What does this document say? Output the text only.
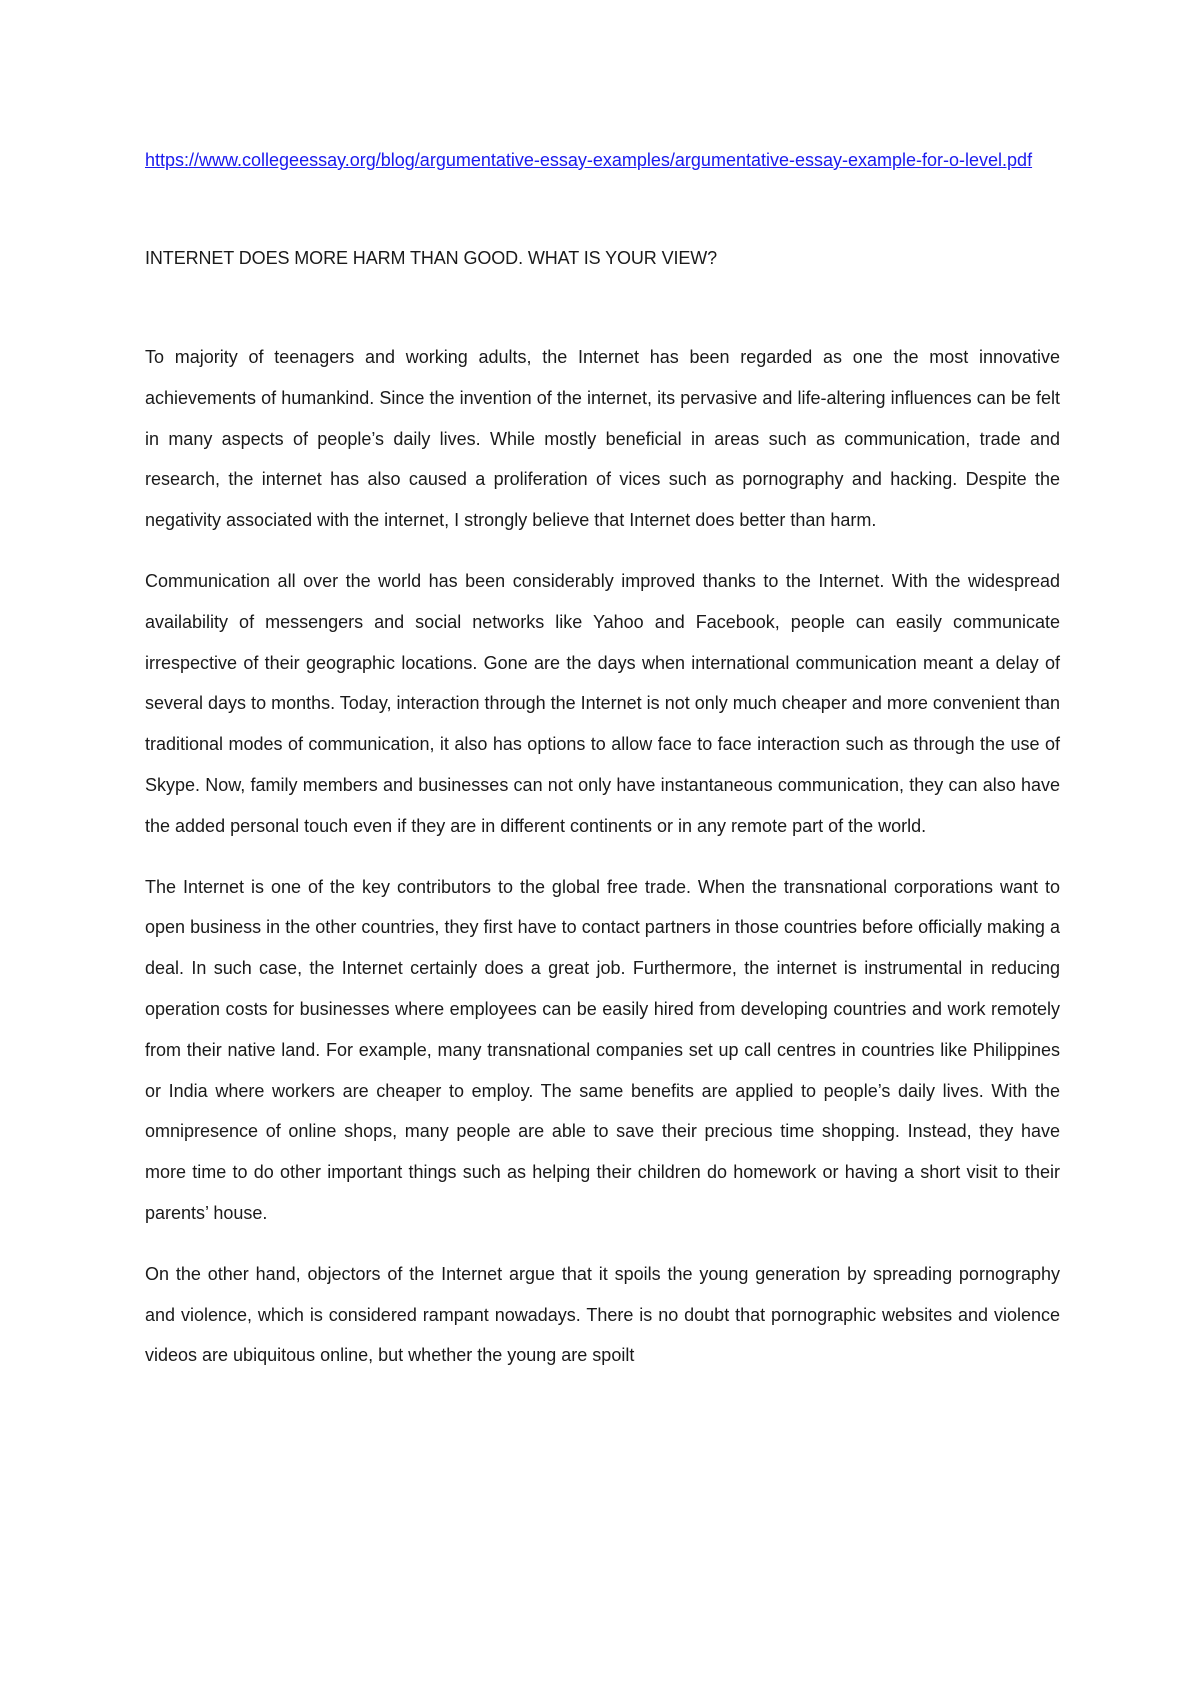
https://www.collegeessay.org/blog/argumentative-essay-examples/argumentative-essay-example-for-o-level.pdf
INTERNET DOES MORE HARM THAN GOOD. WHAT IS YOUR VIEW?

To majority of teenagers and working adults, the Internet has been regarded as one the most innovative achievements of humankind. Since the invention of the internet, its pervasive and life-altering influences can be felt in many aspects of people’s daily lives. While mostly beneficial in areas such as communication, trade and research, the internet has also caused a proliferation of vices such as pornography and hacking. Despite the negativity associated with the internet, I strongly believe that Internet does better than harm.

Communication all over the world has been considerably improved thanks to the Internet. With the widespread availability of messengers and social networks like Yahoo and Facebook, people can easily communicate irrespective of their geographic locations. Gone are the days when international communication meant a delay of several days to months. Today, interaction through the Internet is not only much cheaper and more convenient than traditional modes of communication, it also has options to allow face to face interaction such as through the use of Skype. Now, family members and businesses can not only have instantaneous communication, they can also have the added personal touch even if they are in different continents or in any remote part of the world.

The Internet is one of the key contributors to the global free trade. When the transnational corporations want to open business in the other countries, they first have to contact partners in those countries before officially making a deal. In such case, the Internet certainly does a great job. Furthermore, the internet is instrumental in reducing operation costs for businesses where employees can be easily hired from developing countries and work remotely from their native land. For example, many transnational companies set up call centres in countries like Philippines or India where workers are cheaper to employ. The same benefits are applied to people’s daily lives. With the omnipresence of online shops, many people are able to save their precious time shopping. Instead, they have more time to do other important things such as helping their children do homework or having a short visit to their parents’ house.

On the other hand, objectors of the Internet argue that it spoils the young generation by spreading pornography and violence, which is considered rampant nowadays. There is no doubt that pornographic websites and violence videos are ubiquitous online, but whether the young are spoilt
